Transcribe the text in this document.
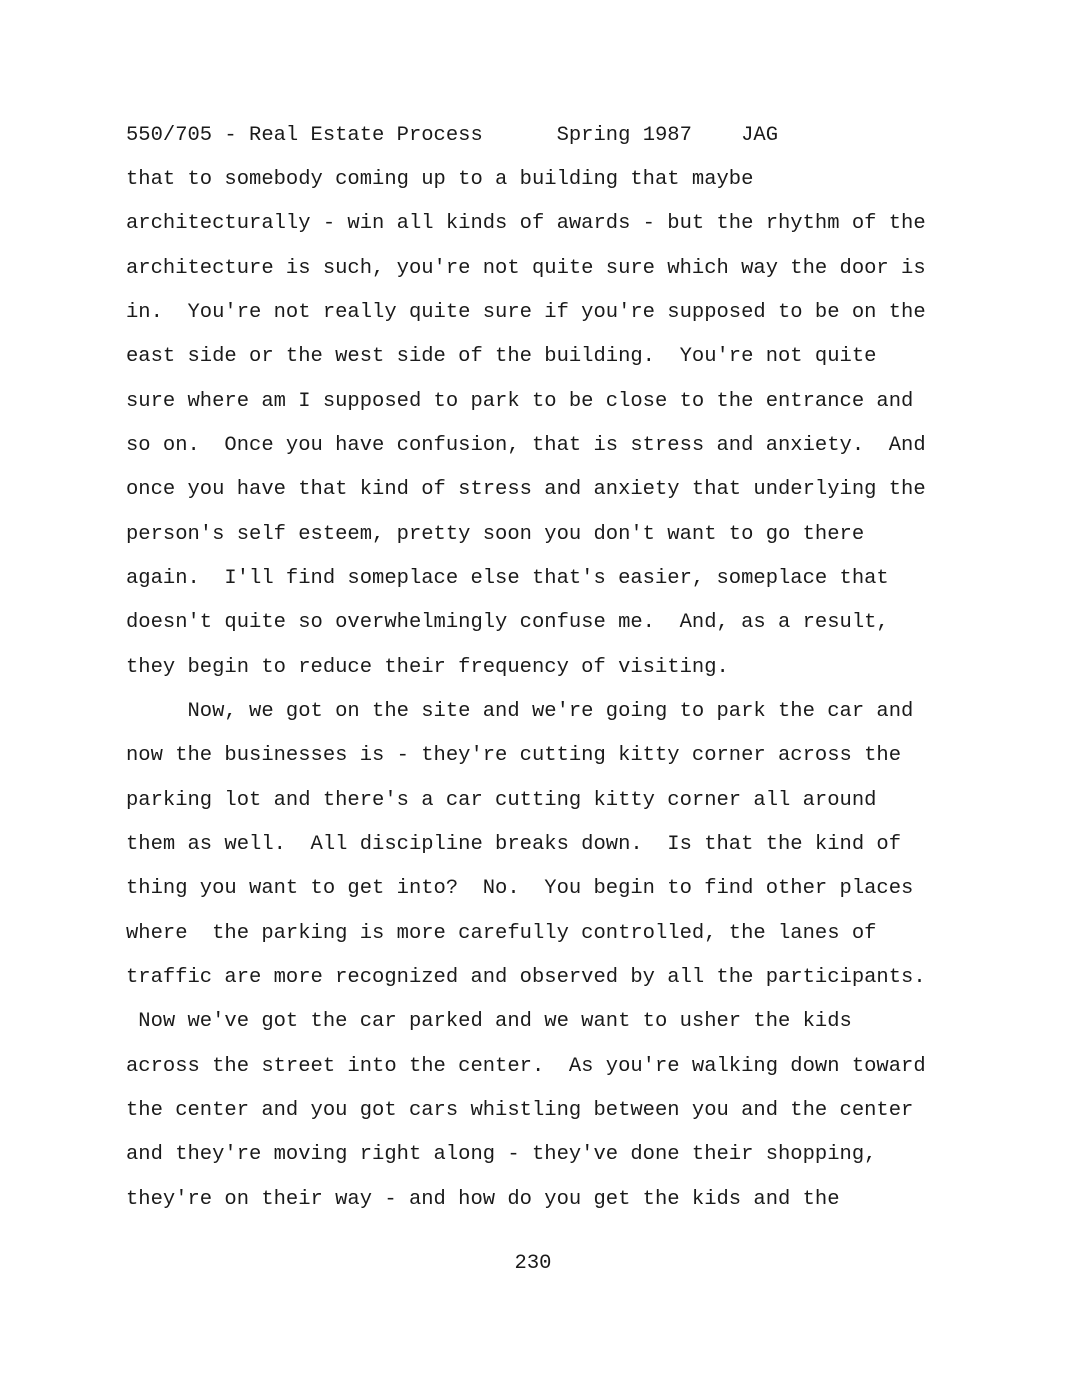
550/705 - Real Estate Process	Spring 1987 JAG
that to somebody coming up to a building that maybe
architecturally - win all kinds of awards - but the rhythm of the
architecture is such, you're not quite sure which way the door is
in.  You're not really quite sure if you're supposed to be on the
east side or the west side of the building.  You're not quite
sure where am I supposed to park to be close to the entrance and
so on.  Once you have confusion, that is stress and anxiety.  And
once you have that kind of stress and anxiety that underlying the
person's self esteem, pretty soon you don't want to go there
again.  I'll find someplace else that's easier, someplace that
doesn't quite so overwhelmingly confuse me.  And, as a result,
they begin to reduce their frequency of visiting.
Now, we got on the site and we're going to park the car and
now the businesses is - they're cutting kitty corner across the
parking lot and there's a car cutting kitty corner all around
them as well.  All discipline breaks down.  Is that the kind of
thing you want to get into?  No.  You begin to find other places
where  the parking is more carefully controlled, the lanes of
traffic are more recognized and observed by all the participants.
Now we've got the car parked and we want to usher the kids
across the street into the center.  As you're walking down toward
the center and you got cars whistling between you and the center
and they're moving right along - they've done their shopping,
they're on their way - and how do you get the kids and the
230
